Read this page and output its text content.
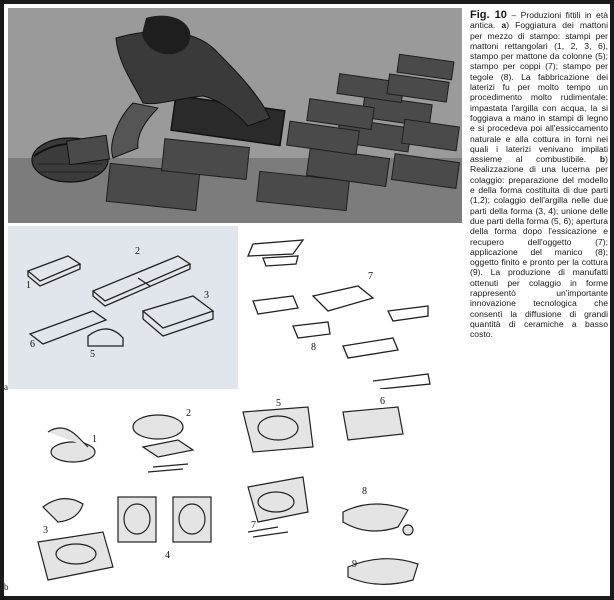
1
2
3
6
5
7
8
1
2
3
4
5	6
7
8
9
a
b

Fig. 10 – Produzioni fittili in età antica. a) Foggiatura dei mattoni per mezzo di stampo: stampi per mattoni rettangolari (1, 2, 3, 6), stampo per mattone da colonne (5); stampo per coppi (7); stampo per tegole (8). La fabbricazione dei laterizi fu per molto tempo un procedimento molto rudimentale: impastata l'argilla con acqua, la si foggiava a mano in stampi di legno e si procedeva poi all'essiccamento naturale e alla cottura in forni nei quali i laterizi venivano impilati assieme al combustibile. b) Realizzazione di una lucerna per colaggio: preparazione del modello e della forma costituita di due parti (1,2); colaggio dell'argilla nelle due parti della forma (3, 4); unione delle due parti della forma (5, 6); apertura della forma dopo l'essicazione e recupero dell'oggetto (7); applicazione del manico (8); oggetto finito e pronto per la cottura (9). La produzione di manufatti ottenuti per colaggio in forme rappresentò un'importante innovazione tecnologica che consentì la diffusione di grandi quantità di ceramiche a basso costo.
